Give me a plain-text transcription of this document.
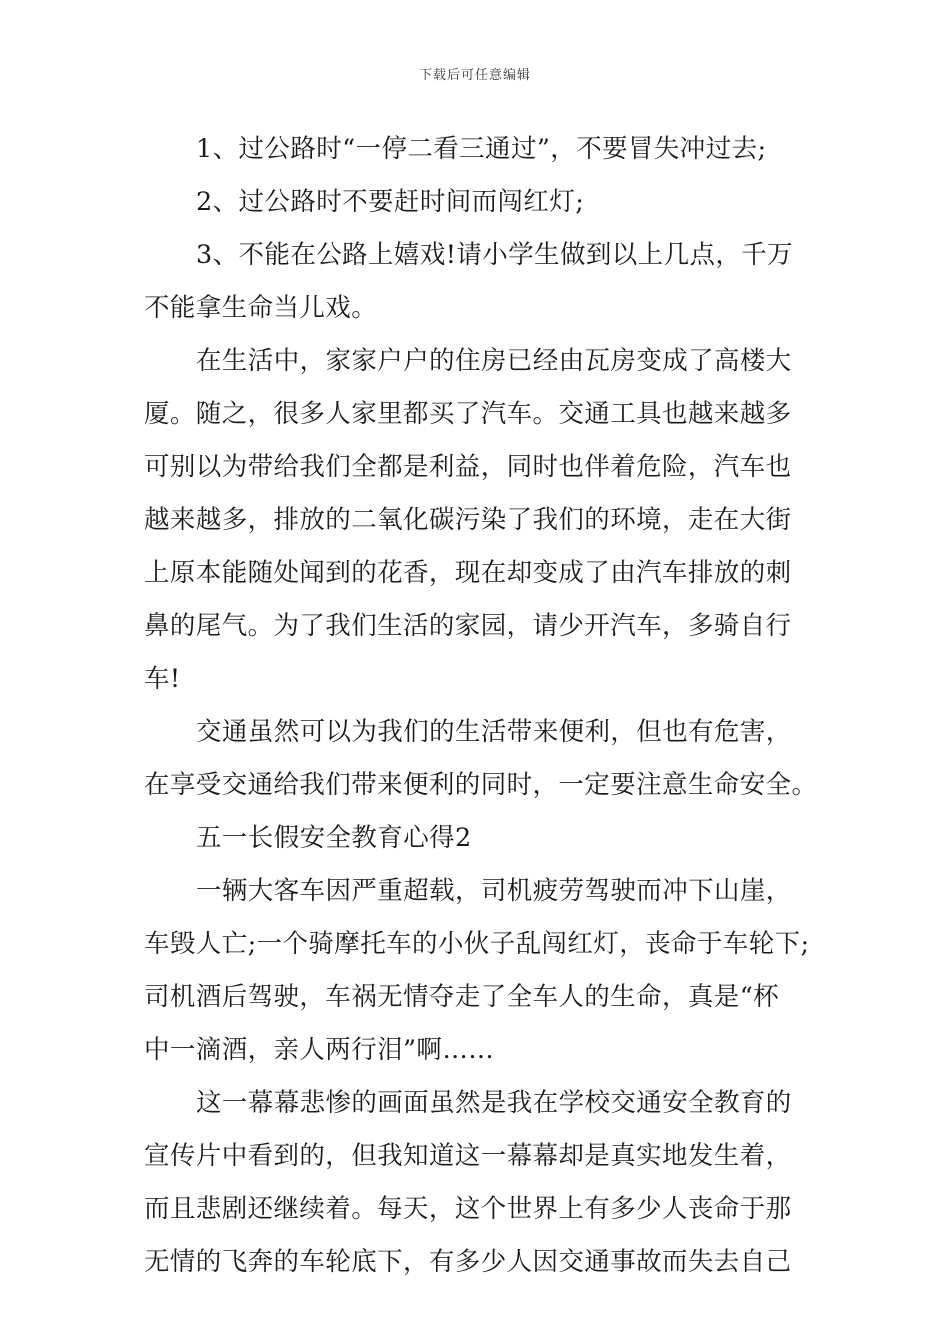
下载后可任意编辑
1、过公路时“一停二看三通过”，不要冒失冲过去;
2、过公路时不要赶时间而闯红灯;
3、不能在公路上嬉戏!请小学生做到以上几点，千万
不能拿生命当儿戏。
在生活中，家家户户的住房已经由瓦房变成了高楼大
厦。随之，很多人家里都买了汽车。交通工具也越来越多
可别以为带给我们全都是利益，同时也伴着危险，汽车也
越来越多，排放的二氧化碳污染了我们的环境，走在大街
上原本能随处闻到的花香，现在却变成了由汽车排放的刺
鼻的尾气。为了我们生活的家园，请少开汽车，多骑自行
车!
交通虽然可以为我们的生活带来便利，但也有危害，
在享受交通给我们带来便利的同时，一定要注意生命安全。
五一长假安全教育心得2
一辆大客车因严重超载，司机疲劳驾驶而冲下山崖，
车毁人亡;一个骑摩托车的小伙子乱闯红灯，丧命于车轮下;
司机酒后驾驶，车祸无情夺走了全车人的生命，真是“杯
中一滴酒，亲人两行泪”啊……
这一幕幕悲惨的画面虽然是我在学校交通安全教育的
宣传片中看到的，但我知道这一幕幕却是真实地发生着，
而且悲剧还继续着。每天，这个世界上有多少人丧命于那
无情的飞奔的车轮底下，有多少人因交通事故而失去自己
